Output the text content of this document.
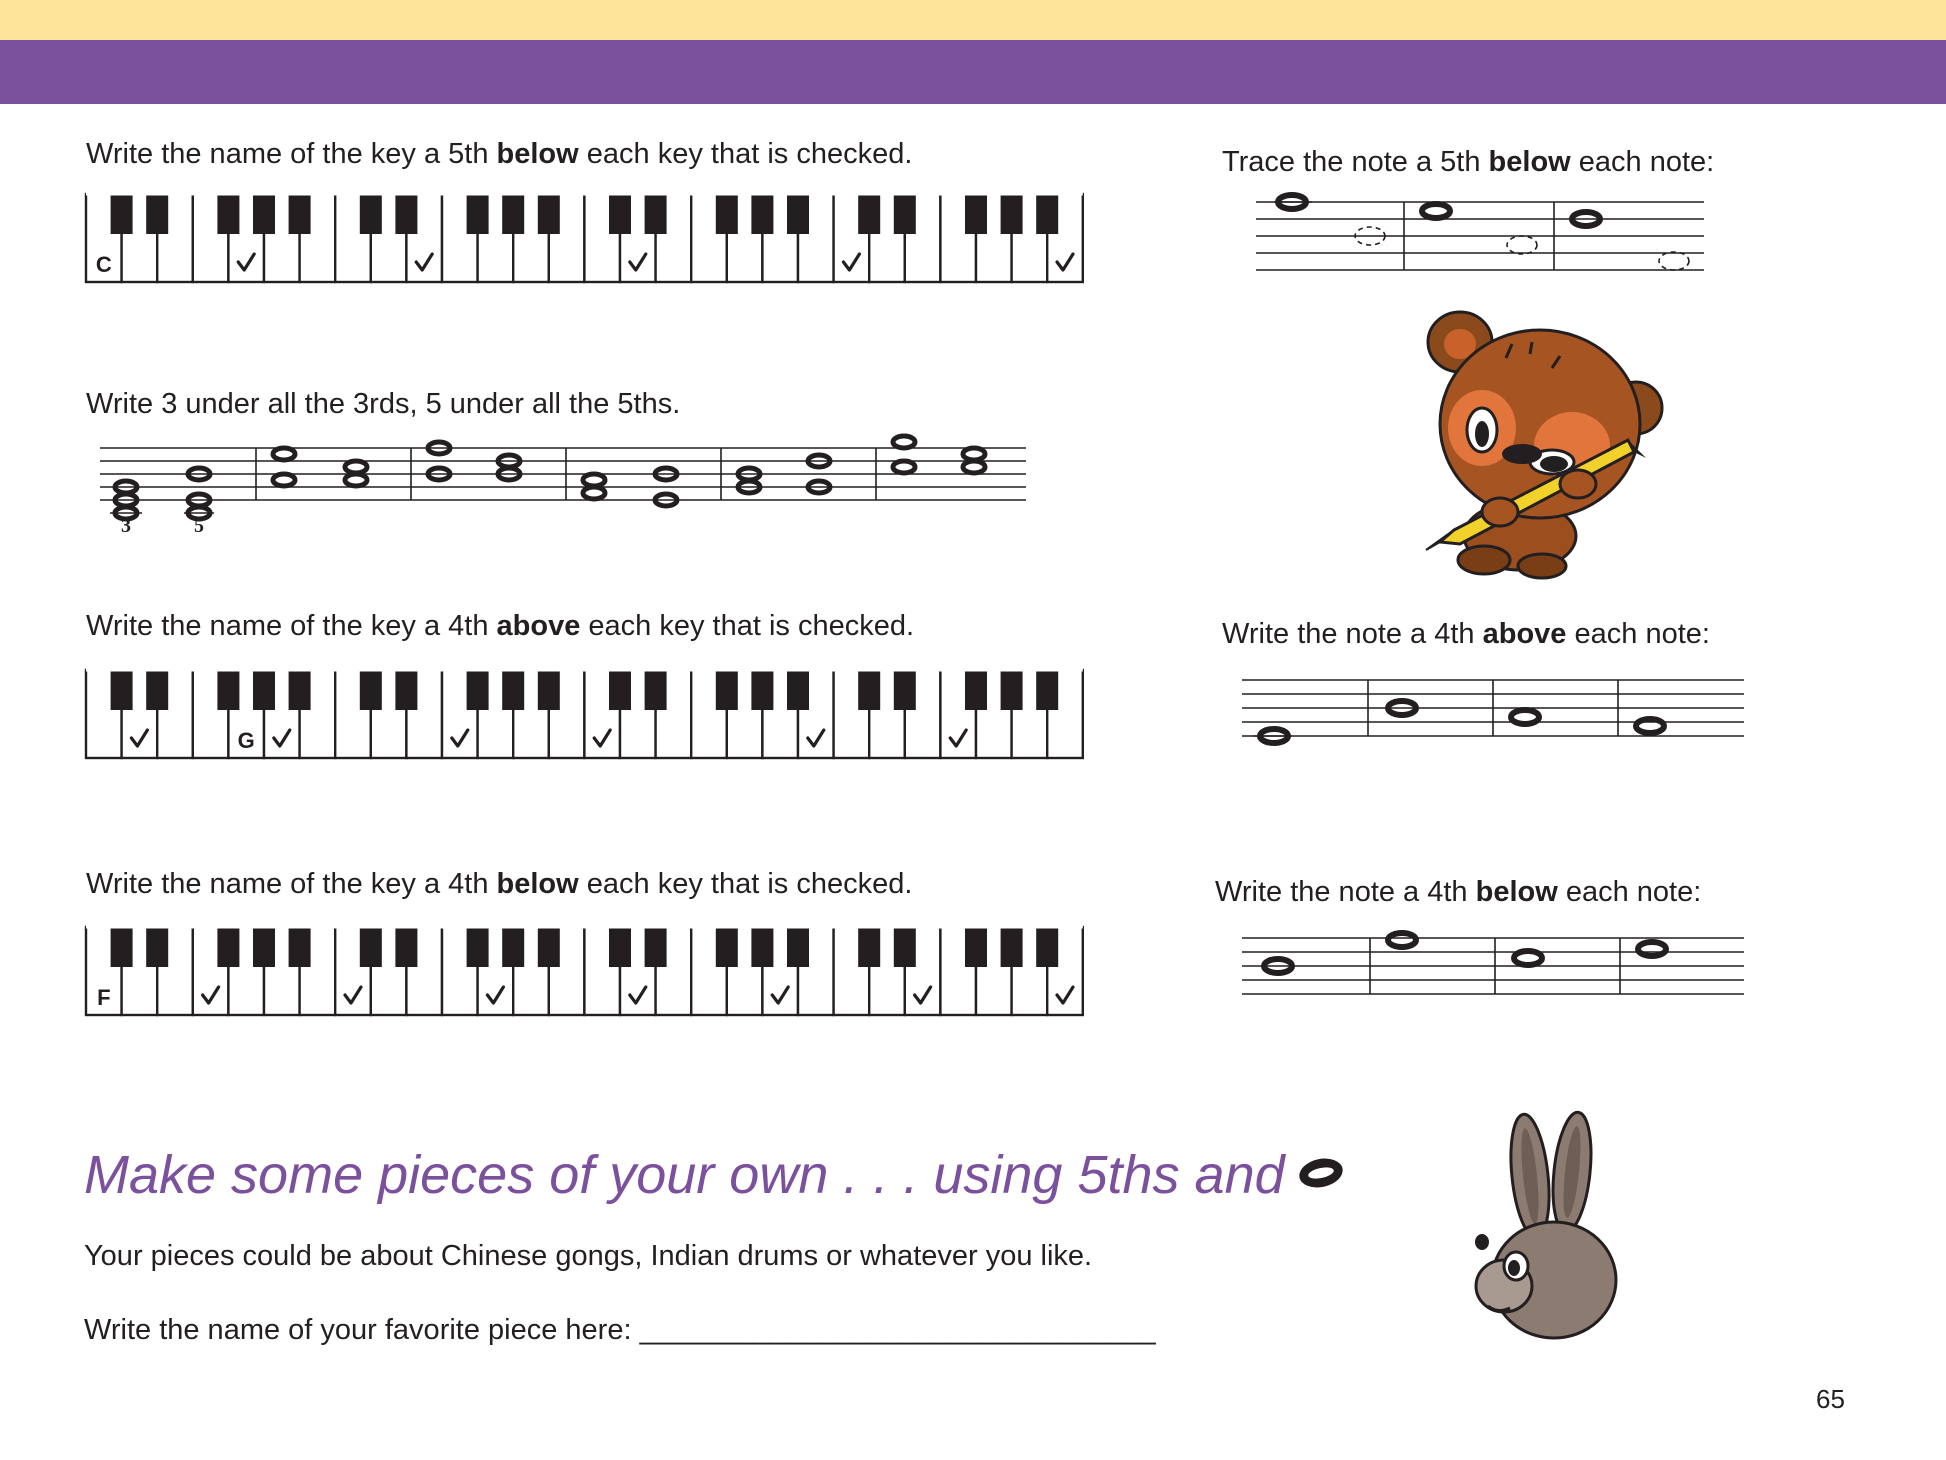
Write the name of the key a 5th below each key that is checked.
Write 3 under all the 3rds, 5 under all the 5ths.
Write the name of the key a 4th above each key that is checked.
Write the name of the key a 4th below each key that is checked.
Trace the note a 5th below each note:
Write the note a 4th above each note:
Write the note a 4th below each note:
C
G
F
3	5
Make some pieces of your own . . . using 5ths and
Your pieces could be about Chinese gongs, Indian drums or whatever you like.
Write the name of your favorite piece here: ________________________________
65
